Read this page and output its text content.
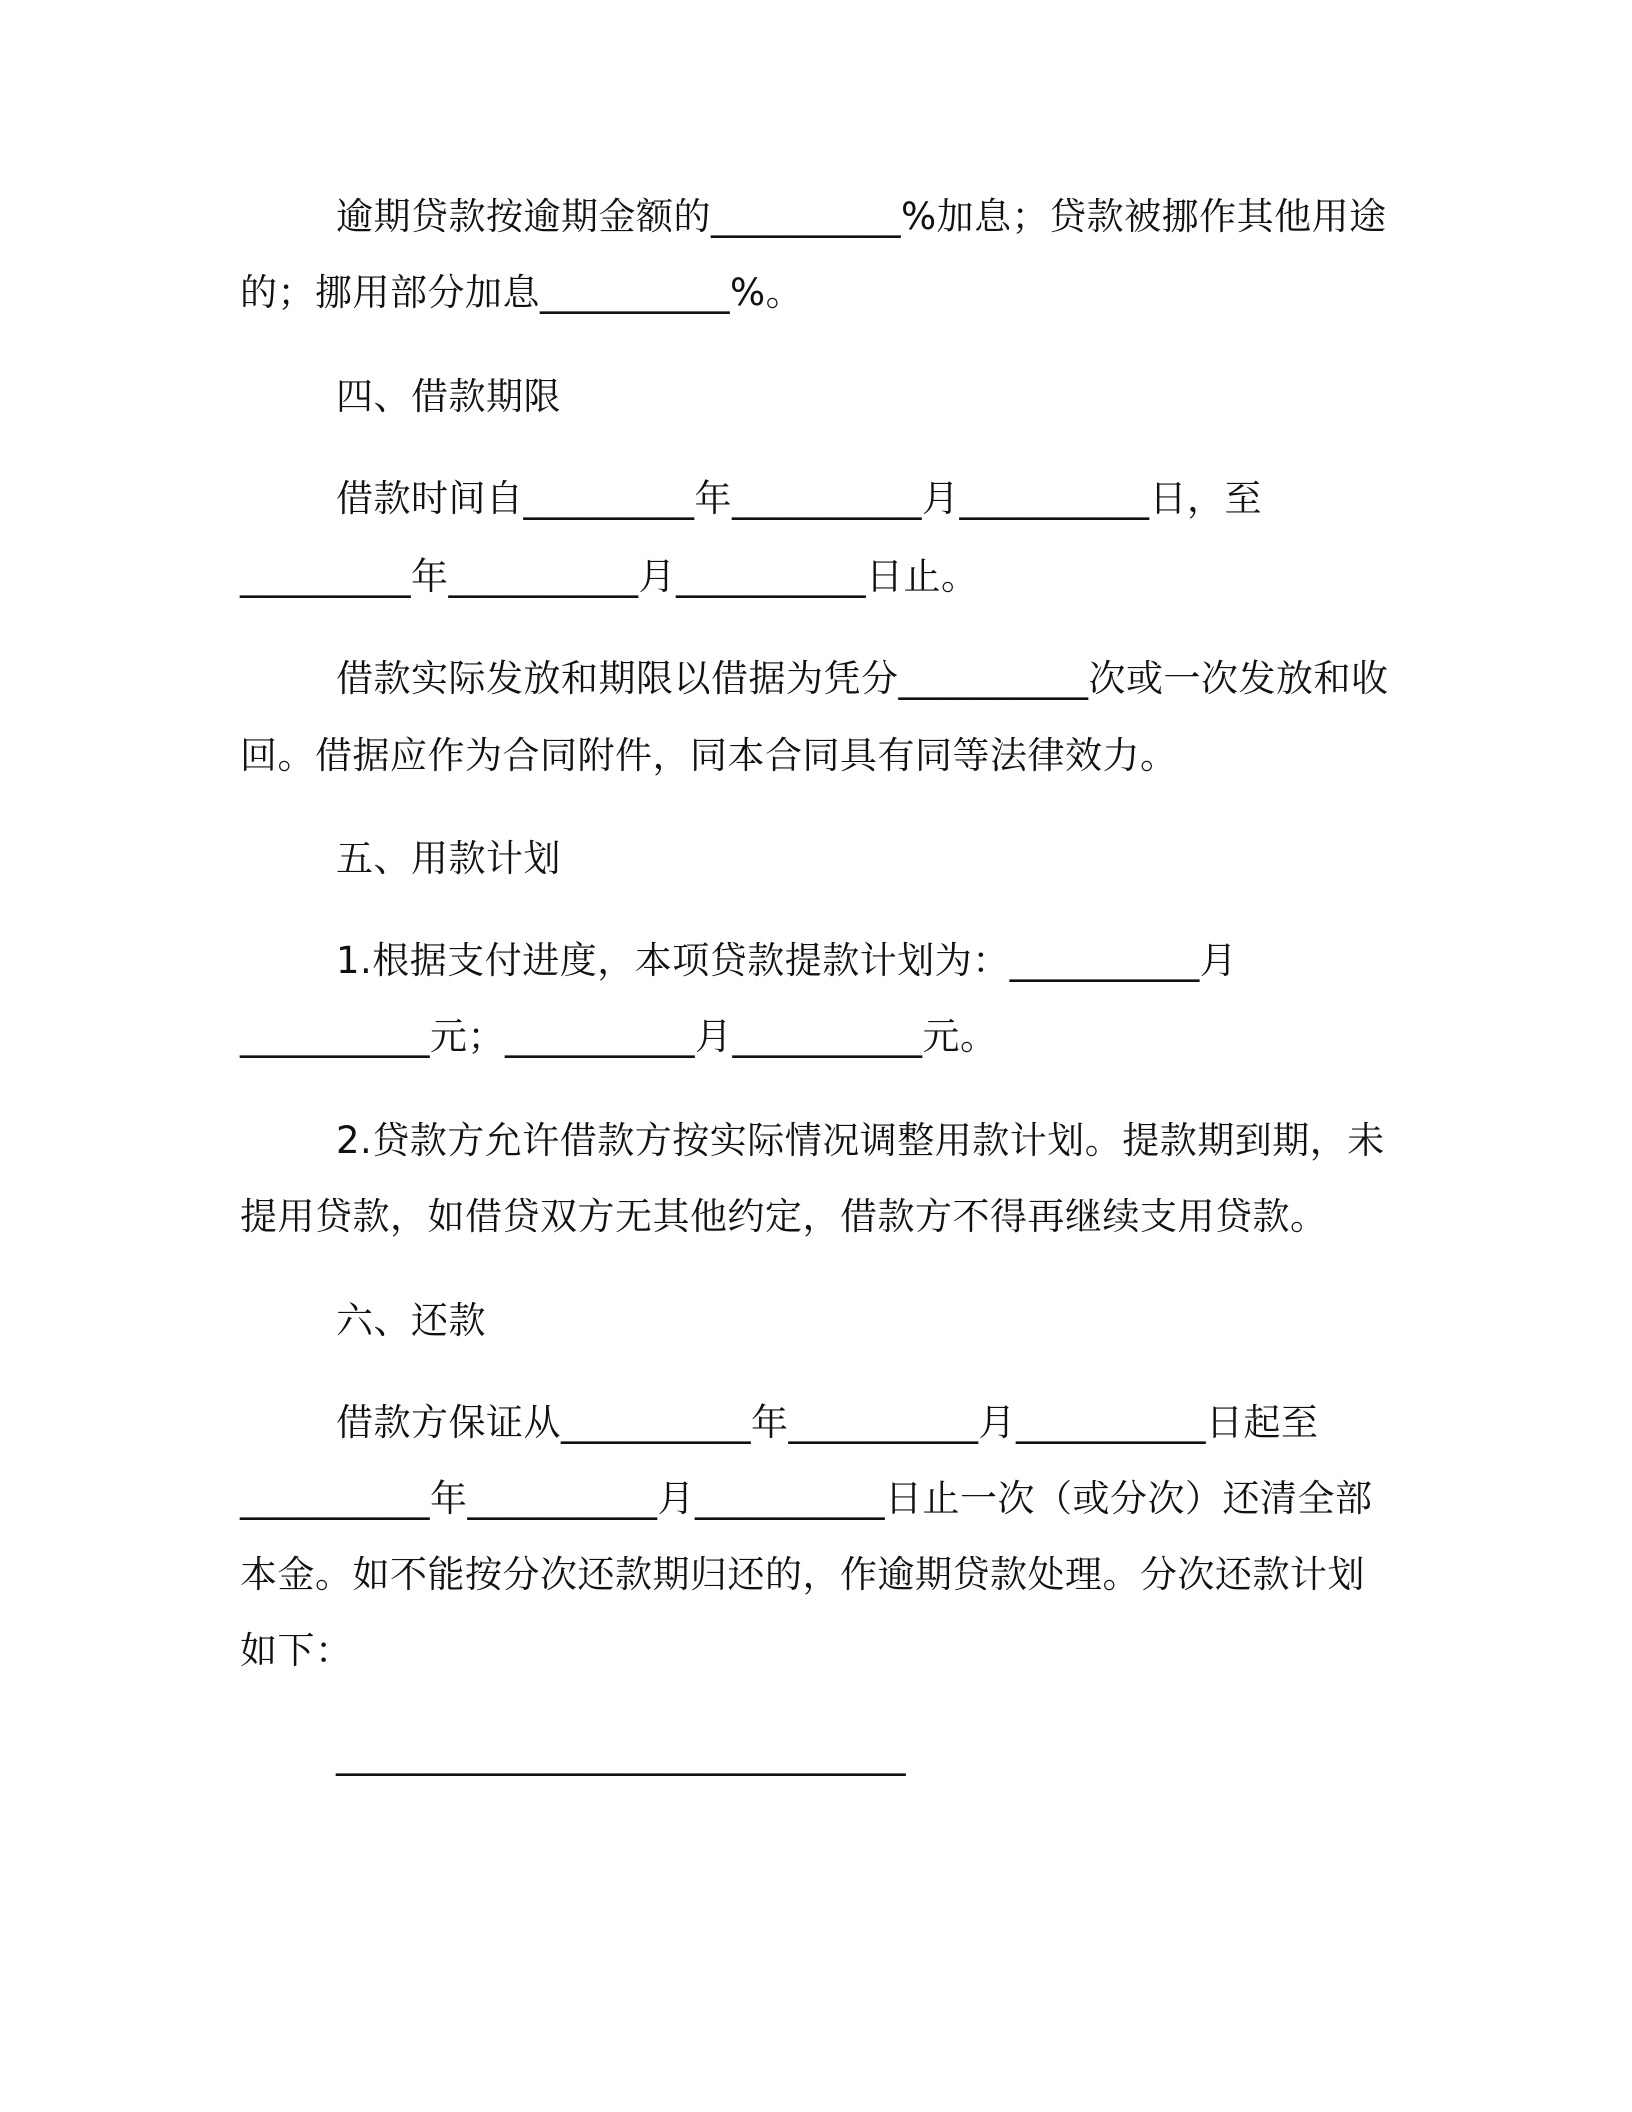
逾期贷款按逾期金额的__________%加息；贷款被挪作其他用途
的；挪用部分加息__________%。
四、借款期限
借款时间自_________年__________月__________日，至
_________年__________月__________日止。
借款实际发放和期限以借据为凭分__________次或一次发放和收
回。借据应作为合同附件，同本合同具有同等法律效力。
五、用款计划
1.根据支付进度，本项贷款提款计划为：__________月
__________元；__________月__________元。
2.贷款方允许借款方按实际情况调整用款计划。提款期到期，未
提用贷款，如借贷双方无其他约定，借款方不得再继续支用贷款。
六、还款
借款方保证从__________年__________月__________日起至
__________年__________月__________日止一次（或分次）还清全部
本金。如不能按分次还款期归还的，作逾期贷款处理。分次还款计划
如下：
______________________________
